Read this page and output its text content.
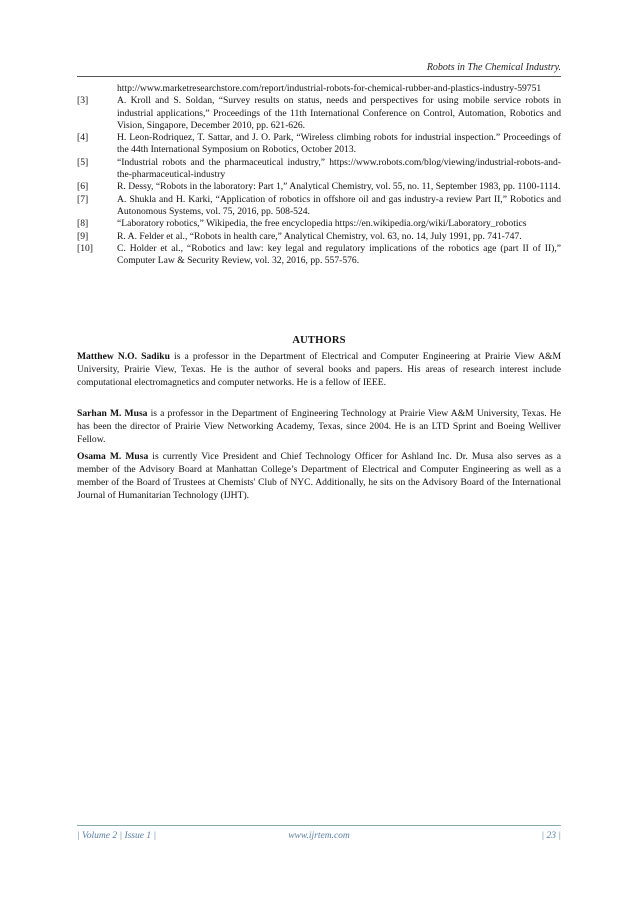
Robots in The Chemical Industry.
http://www.marketresearchstore.com/report/industrial-robots-for-chemical-rubber-and-plastics-industry-59751
[3]	A. Kroll and S. Soldan, “Survey results on status, needs and perspectives for using mobile service robots in industrial applications,” Proceedings of the 11th International Conference on Control, Automation, Robotics and Vision, Singapore, December 2010, pp. 621-626.
[4]	H. Leon-Rodriquez, T. Sattar, and J. O. Park, “Wireless climbing robots for industrial inspection.” Proceedings of the 44th International Symposium on Robotics, October 2013.
[5]	“Industrial robots and the pharmaceutical industry,” https://www.robots.com/blog/viewing/industrial-robots-and-the-pharmaceutical-industry
[6]	R. Dessy, “Robots in the laboratory: Part 1,” Analytical Chemistry, vol. 55, no. 11, September 1983, pp. 1100-1114.
[7]	A. Shukla and H. Karki, “Application of robotics in offshore oil and gas industry-a review Part II,” Robotics and Autonomous Systems, vol. 75, 2016, pp. 508-524.
[8]	“Laboratory robotics,” Wikipedia, the free encyclopedia https://en.wikipedia.org/wiki/Laboratory_robotics
[9]	R. A. Felder et al., “Robots in health care,” Analytical Chemistry, vol. 63, no. 14, July 1991, pp. 741-747.
[10]	C. Holder et al., “Robotics and law: key legal and regulatory implications of the robotics age (part II of II),” Computer Law & Security Review, vol. 32, 2016, pp. 557-576.
AUTHORS
Matthew N.O. Sadiku is a professor in the Department of Electrical and Computer Engineering at Prairie View A&M University, Prairie View, Texas. He is the author of several books and papers. His areas of research interest include computational electromagnetics and computer networks. He is a fellow of IEEE.
Sarhan M. Musa is a professor in the Department of Engineering Technology at Prairie View A&M University, Texas. He has been the director of Prairie View Networking Academy, Texas, since 2004. He is an LTD Sprint and Boeing Welliver Fellow.
Osama M. Musa is currently Vice President and Chief Technology Officer for Ashland Inc. Dr. Musa also serves as a member of the Advisory Board at Manhattan College’s Department of Electrical and Computer Engineering as well as a member of the Board of Trustees at Chemists' Club of NYC. Additionally, he sits on the Advisory Board of the International Journal of Humanitarian Technology (IJHT).
| Volume 2 | Issue 1 |	www.ijrtem.com	| 23 |
